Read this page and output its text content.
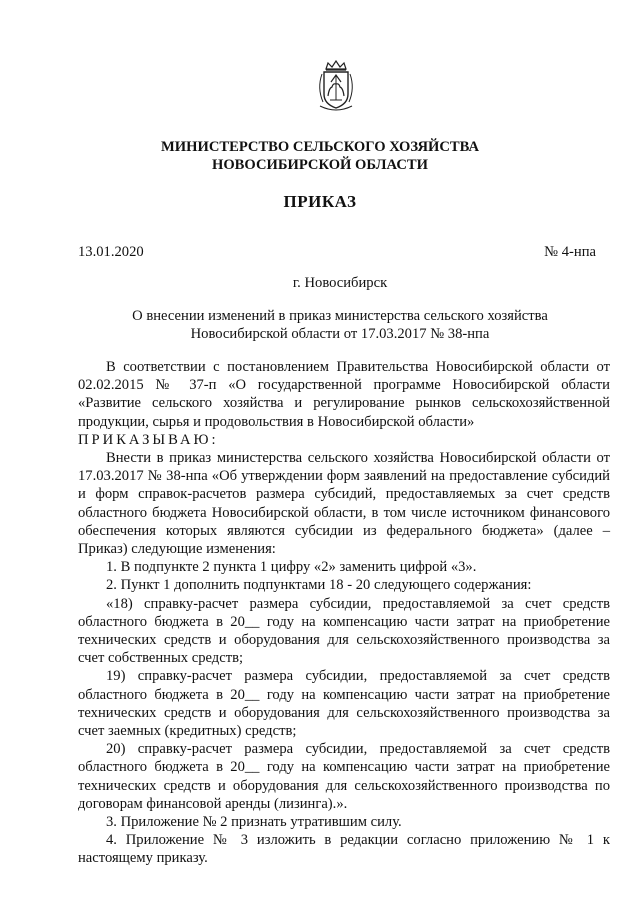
МИНИСТЕРСТВО СЕЛЬСКОГО ХОЗЯЙСТВА
НОВОСИБИРСКОЙ ОБЛАСТИ
ПРИКАЗ
13.01.2020	№ 4-нпа
г. Новосибирск
О внесении изменений в приказ министерства сельского хозяйства Новосибирской области от 17.03.2017 № 38-нпа

В соответствии с постановлением Правительства Новосибирской области от 02.02.2015 № 37-п «О государственной программе Новосибирской области «Развитие сельского хозяйства и регулирование рынков сельскохозяйственной продукции, сырья и продовольствия в Новосибирской области»

ПРИКАЗЫВАЮ:

Внести в приказ министерства сельского хозяйства Новосибирской области от 17.03.2017 № 38-нпа «Об утверждении форм заявлений на предоставление субсидий и форм справок-расчетов размера субсидий, предоставляемых за счет средств областного бюджета Новосибирской области, в том числе источником финансового обеспечения которых являются субсидии из федерального бюджета» (далее – Приказ) следующие изменения:

1. В подпункте 2 пункта 1 цифру «2» заменить цифрой «3».

2. Пункт 1 дополнить подпунктами 18 - 20 следующего содержания:

«18) справку-расчет размера субсидии, предоставляемой за счет средств областного бюджета в 20__ году на компенсацию части затрат на приобретение технических средств и оборудования для сельскохозяйственного производства за счет собственных средств;

19) справку-расчет размера субсидии, предоставляемой за счет средств областного бюджета в 20__ году на компенсацию части затрат на приобретение технических средств и оборудования для сельскохозяйственного производства за счет заемных (кредитных) средств;

20) справку-расчет размера субсидии, предоставляемой за счет средств областного бюджета в 20__ году на компенсацию части затрат на приобретение технических средств и оборудования для сельскохозяйственного производства по договорам финансовой аренды (лизинга).».

3. Приложение № 2 признать утратившим силу.

4. Приложение № 3 изложить в редакции согласно приложению № 1 к настоящему приказу.
